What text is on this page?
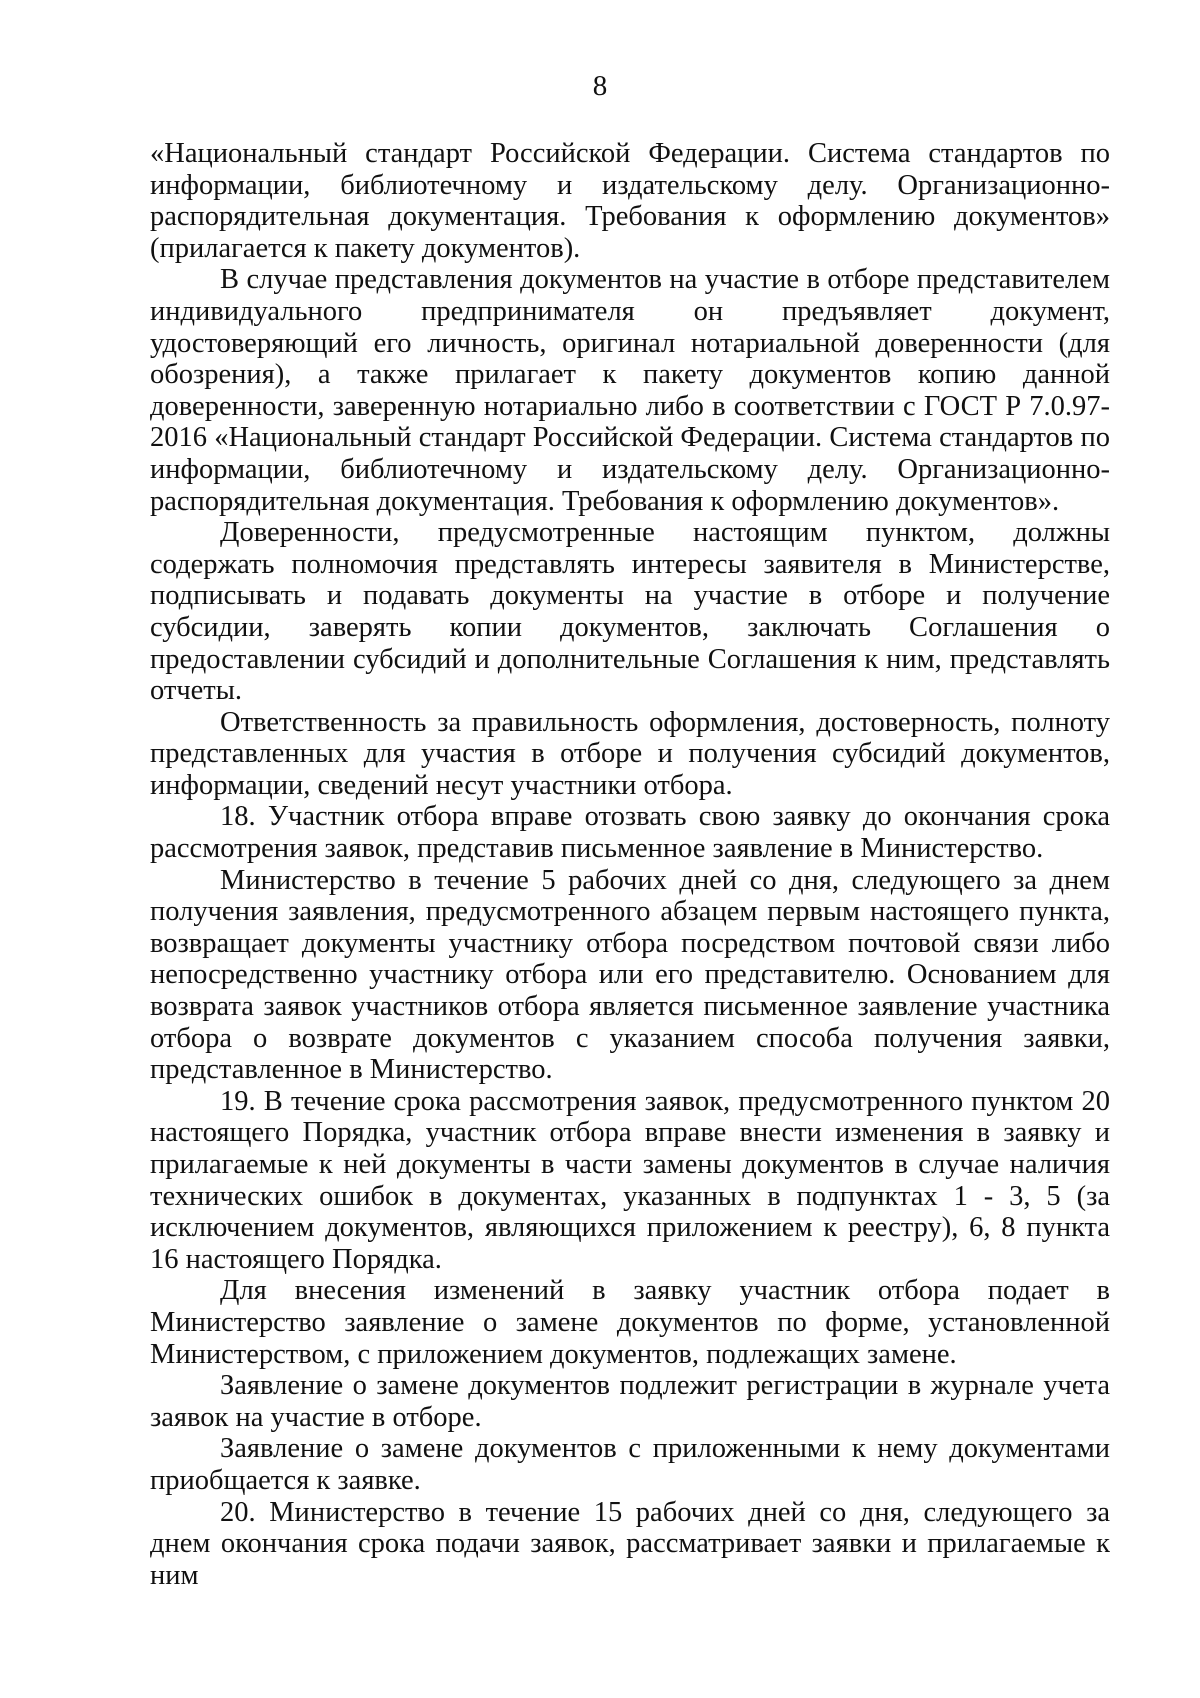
8

«Национальный стандарт Российской Федерации. Система стандартов по информации, библиотечному и издательскому делу. Организационно-распорядительная документация. Требования к оформлению документов» (прилагается к пакету документов).

В случае представления документов на участие в отборе представителем индивидуального предпринимателя он предъявляет документ, удостоверяющий его личность, оригинал нотариальной доверенности (для обозрения), а также прилагает к пакету документов копию данной доверенности, заверенную нотариально либо в соответствии с ГОСТ Р 7.0.97-2016 «Национальный стандарт Российской Федерации. Система стандартов по информации, библиотечному и издательскому делу. Организационно-распорядительная документация. Требования к оформлению документов».

Доверенности, предусмотренные настоящим пунктом, должны содержать полномочия представлять интересы заявителя в Министерстве, подписывать и подавать документы на участие в отборе и получение субсидии, заверять копии документов, заключать Соглашения о предоставлении субсидий и дополнительные Соглашения к ним, представлять отчеты.

Ответственность за правильность оформления, достоверность, полноту представленных для участия в отборе и получения субсидий документов, информации, сведений несут участники отбора.

18. Участник отбора вправе отозвать свою заявку до окончания срока рассмотрения заявок, представив письменное заявление в Министерство.

Министерство в течение 5 рабочих дней со дня, следующего за днем получения заявления, предусмотренного абзацем первым настоящего пункта, возвращает документы участнику отбора посредством почтовой связи либо непосредственно участнику отбора или его представителю. Основанием для возврата заявок участников отбора является письменное заявление участника отбора о возврате документов с указанием способа получения заявки, представленное в Министерство.

19. В течение срока рассмотрения заявок, предусмотренного пунктом 20 настоящего Порядка, участник отбора вправе внести изменения в заявку и прилагаемые к ней документы в части замены документов в случае наличия технических ошибок в документах, указанных в подпунктах 1 - 3, 5 (за исключением документов, являющихся приложением к реестру), 6, 8 пункта 16 настоящего Порядка.

Для внесения изменений в заявку участник отбора подает в Министерство заявление о замене документов по форме, установленной Министерством, с приложением документов, подлежащих замене.

Заявление о замене документов подлежит регистрации в журнале учета заявок на участие в отборе.

Заявление о замене документов с приложенными к нему документами приобщается к заявке.

20. Министерство в течение 15 рабочих дней со дня, следующего за днем окончания срока подачи заявок, рассматривает заявки и прилагаемые к ним
